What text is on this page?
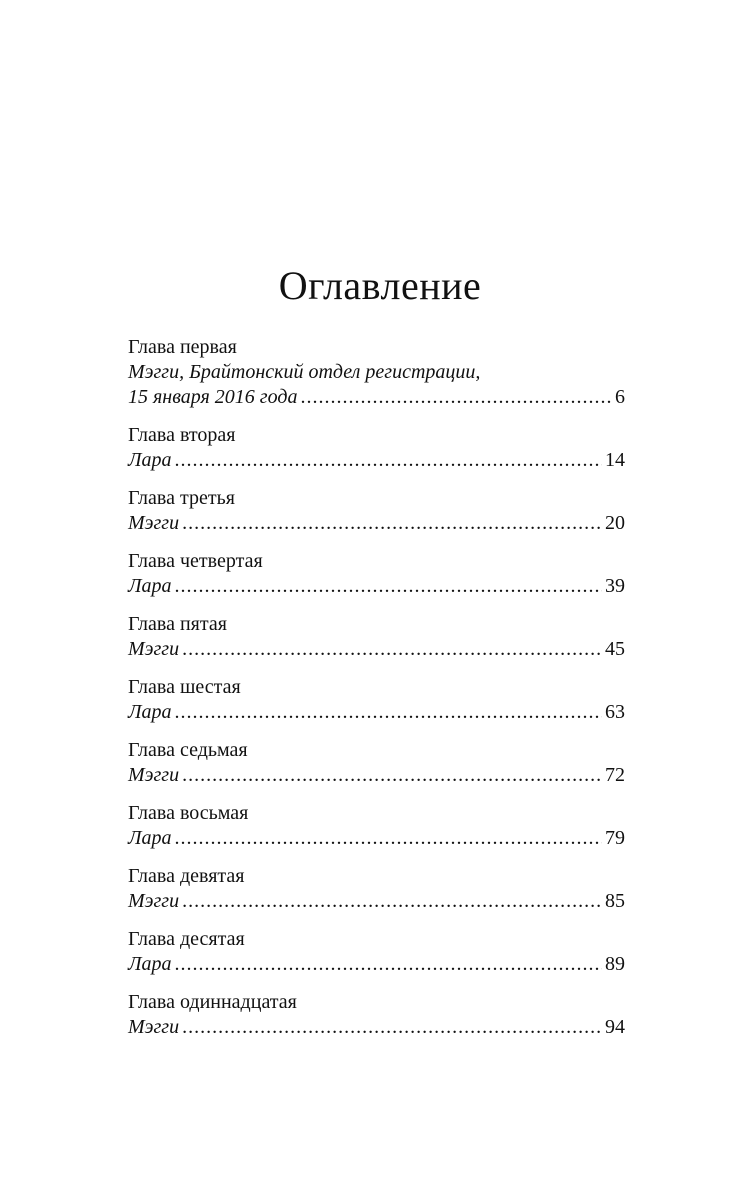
Оглавление
Глава первая
Мэгги, Брайтонский отдел регистрации,
15 января 2016 года .....	6
Глава вторая
Лара .....	14
Глава третья
Мэгги .....	20
Глава четвертая
Лара .....	39
Глава пятая
Мэгги .....	45
Глава шестая
Лара .....	63
Глава седьмая
Мэгги .....	72
Глава восьмая
Лара .....	79
Глава девятая
Мэгги .....	85
Глава десятая
Лара .....	89
Глава одиннадцатая
Мэгги .....	94
